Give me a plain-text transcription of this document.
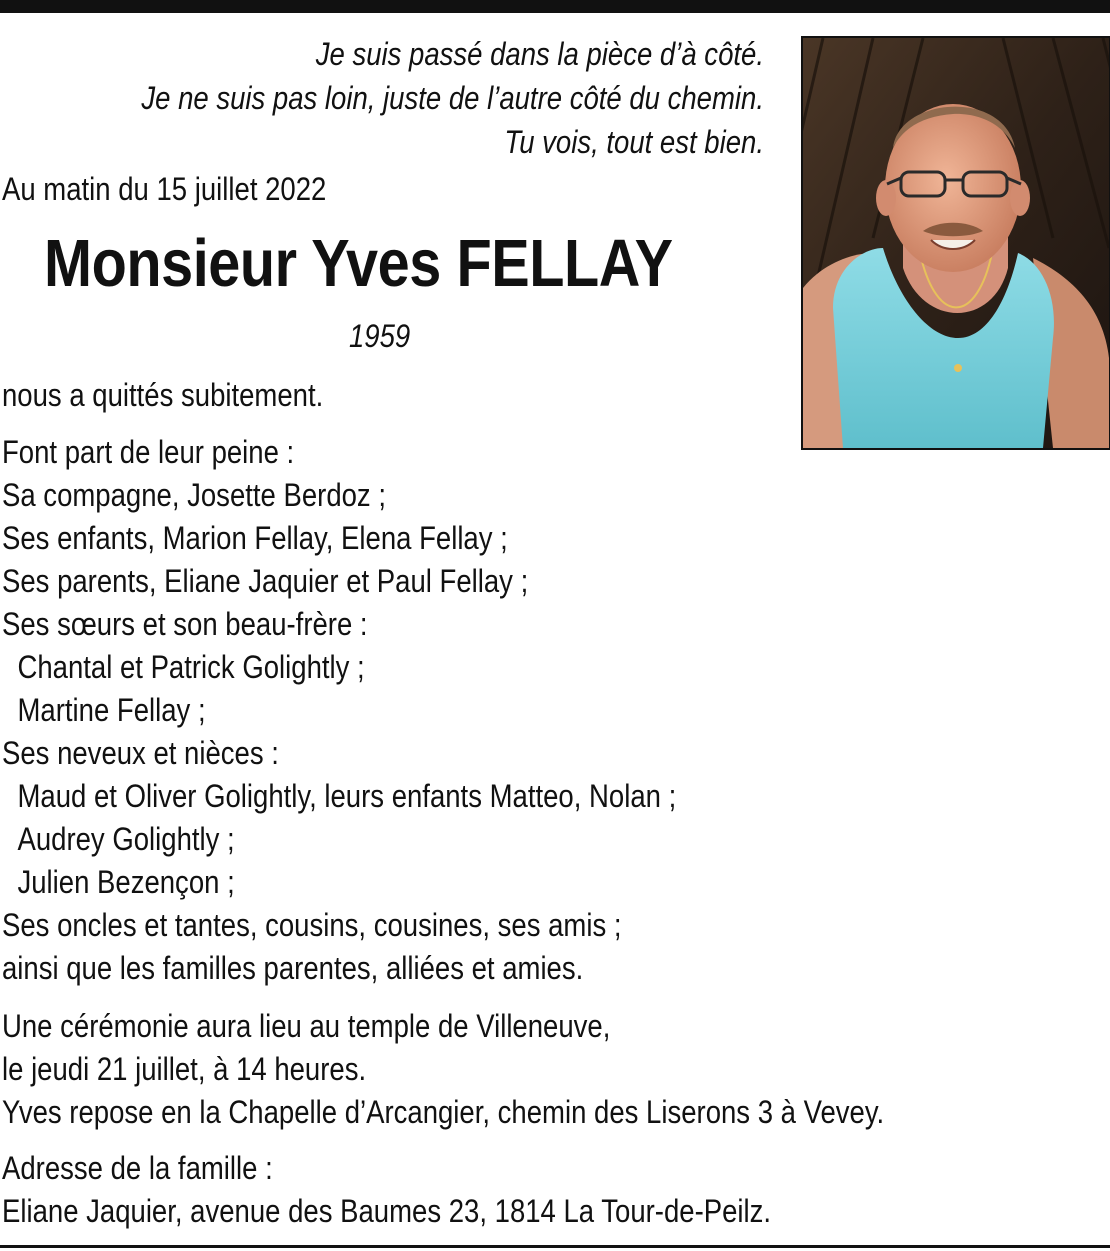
Je suis passé dans la pièce d’à côté.
Je ne suis pas loin, juste de l’autre côté du chemin.
Tu vois, tout est bien.
Au matin du 15 juillet 2022
Monsieur Yves FELLAY
1959
nous a quittés subitement.
Font part de leur peine :
Sa compagne, Josette Berdoz ;
Ses enfants, Marion Fellay, Elena Fellay ;
Ses parents, Eliane Jaquier et Paul Fellay ;
Ses sœurs et son beau-frère :
Chantal et Patrick Golightly ;
Martine Fellay ;
Ses neveux et nièces :
Maud et Oliver Golightly, leurs enfants Matteo, Nolan ;
Audrey Golightly ;
Julien Bezençon ;
Ses oncles et tantes, cousins, cousines, ses amis ;
ainsi que les familles parentes, alliées et amies.
Une cérémonie aura lieu au temple de Villeneuve,
le jeudi 21 juillet, à 14 heures.
Yves repose en la Chapelle d’Arcangier, chemin des Liserons 3 à Vevey.
Adresse de la famille :
Eliane Jaquier, avenue des Baumes 23, 1814 La Tour-de-Peilz.
